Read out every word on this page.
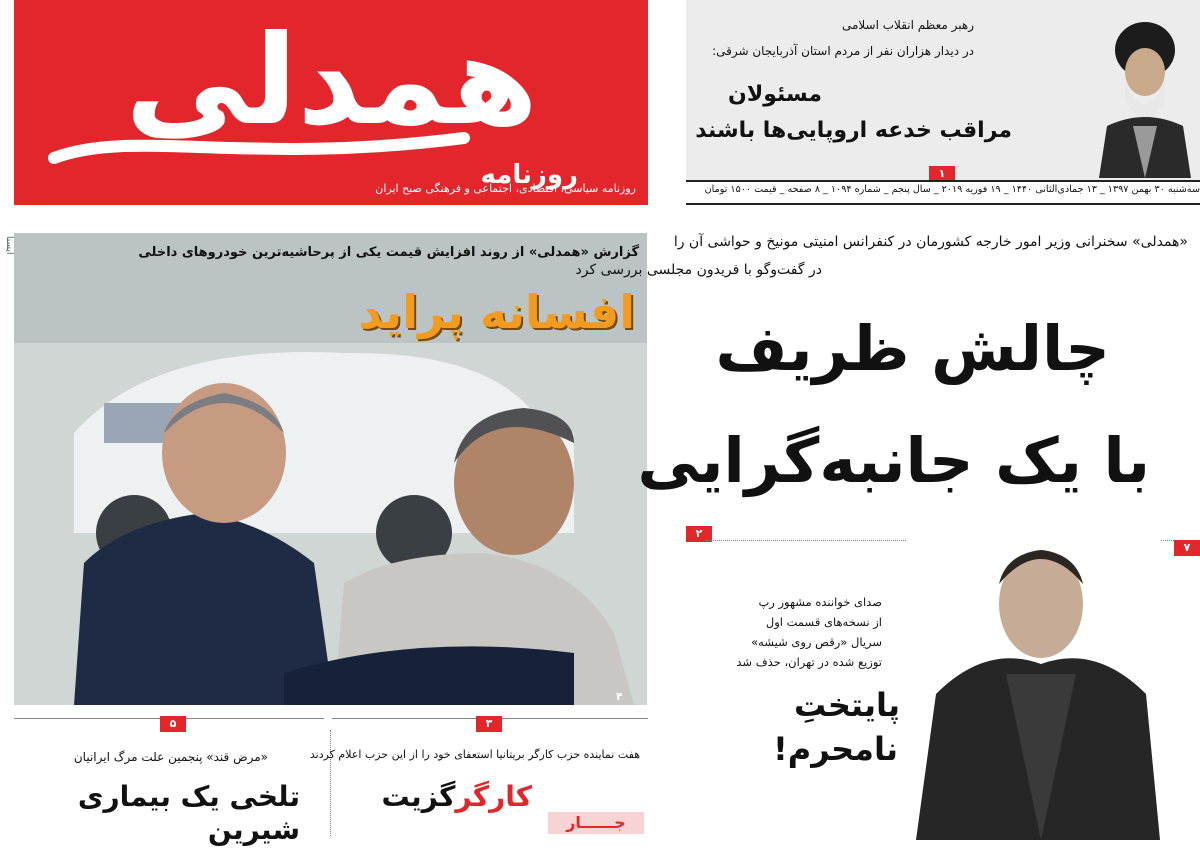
همدلی
روزنامه
روزنامه سیاسی، اقتصادی، اجتماعی و فرهنگی صبح ایران
رهبر معظم انقلاب اسلامی
در دیدار هزاران نفر از مردم استان آذربایجان شرقی:
مسئولان
مراقب خدعه اروپایی‌ها باشند
۱
سه‌شنبه ۳۰ بهمن ۱۳۹۷ _ ۱۳ جمادی‌الثانی ۱۴۴۰ _ ۱۹ فوریه ۲۰۱۹ _ سال پنجم _ شماره ۱۰۹۴ _ ۸ صفحه _ قیمت ۱۵۰۰ تومان
ایسنا	گزارش «همدلی» از روند افزایش قیمت یکی از پرحاشیه‌ترین خودروهای داخلی
افسانه پراید
۴
«همدلی» سخنرانی وزیر امور خارجه کشورمان در کنفرانس امنیتی مونیخ و حواشی آن را
در گفت‌وگو با فریدون مجلسی بررسی کرد
چالش ظریف
با یک جانبه‌گرایی
۲
۷
صدای خواننده مشهور رپ
از نسخه‌های قسمت اول
سریال «رقص روی شیشه»
توزیع شده در تهران، حذف شد
پایتختِ
نامحرم!
۵	۳
«مرض قند» پنجمین علت مرگ ایرانیان
تلخی یک بیماری شیرین
هفت نماینده حزب کارگر بریتانیا استعفای خود را از این حزب اعلام کردند
کارگرگزیت
جــــــار
